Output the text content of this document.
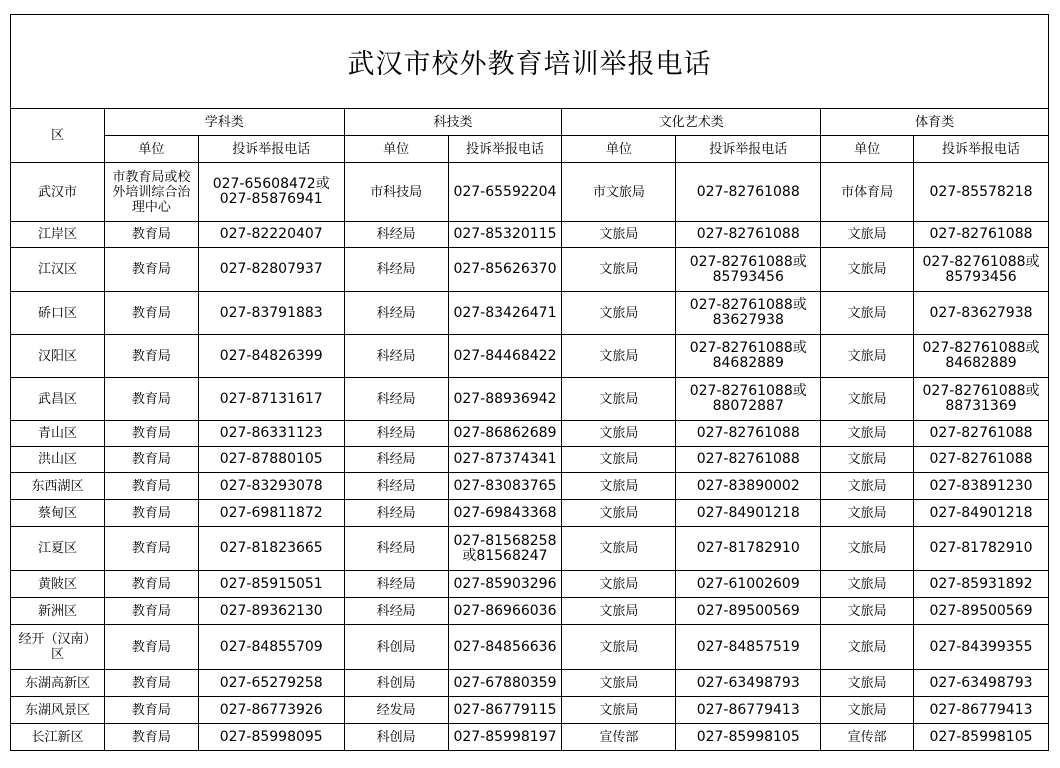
武汉市校外教育培训举报电话
区	学科类		科技类		文化艺术类		体育类	
	单位	投诉举报电话	单位	投诉举报电话	单位	投诉举报电话	单位	投诉举报电话
武汉市	市教育局或校外培训综合治理中心	027-65608472或027-85876941	市科技局	027-65592204	市文旅局	027-82761088	市体育局	027-85578218
江岸区	教育局	027-82220407	科经局	027-85320115	文旅局	027-82761088	文旅局	027-82761088
江汉区	教育局	027-82807937	科经局	027-85626370	文旅局	027-82761088或85793456	文旅局	027-82761088或85793456
硚口区	教育局	027-83791883	科经局	027-83426471	文旅局	027-82761088或83627938	文旅局	027-83627938
汉阳区	教育局	027-84826399	科经局	027-84468422	文旅局	027-82761088或84682889	文旅局	027-82761088或84682889
武昌区	教育局	027-87131617	科经局	027-88936942	文旅局	027-82761088或88072887	文旅局	027-82761088或88731369
青山区	教育局	027-86331123	科经局	027-86862689	文旅局	027-82761088	文旅局	027-82761088
洪山区	教育局	027-87880105	科经局	027-87374341	文旅局	027-82761088	文旅局	027-82761088
东西湖区	教育局	027-83293078	科经局	027-83083765	文旅局	027-83890002	文旅局	027-83891230
蔡甸区	教育局	027-69811872	科经局	027-69843368	文旅局	027-84901218	文旅局	027-84901218
江夏区	教育局	027-81823665	科经局	027-81568258或81568247	文旅局	027-81782910	文旅局	027-81782910
黄陂区	教育局	027-85915051	科经局	027-85903296	文旅局	027-61002609	文旅局	027-85931892
新洲区	教育局	027-89362130	科经局	027-86966036	文旅局	027-89500569	文旅局	027-89500569
经开（汉南）区	教育局	027-84855709	科创局	027-84856636	文旅局	027-84857519	文旅局	027-84399355
东湖高新区	教育局	027-65279258	科创局	027-67880359	文旅局	027-63498793	文旅局	027-63498793
东湖风景区	教育局	027-86773926	经发局	027-86779115	文旅局	027-86779413	文旅局	027-86779413
长江新区	教育局	027-85998095	科创局	027-85998197	宣传部	027-85998105	宣传部	027-85998105
